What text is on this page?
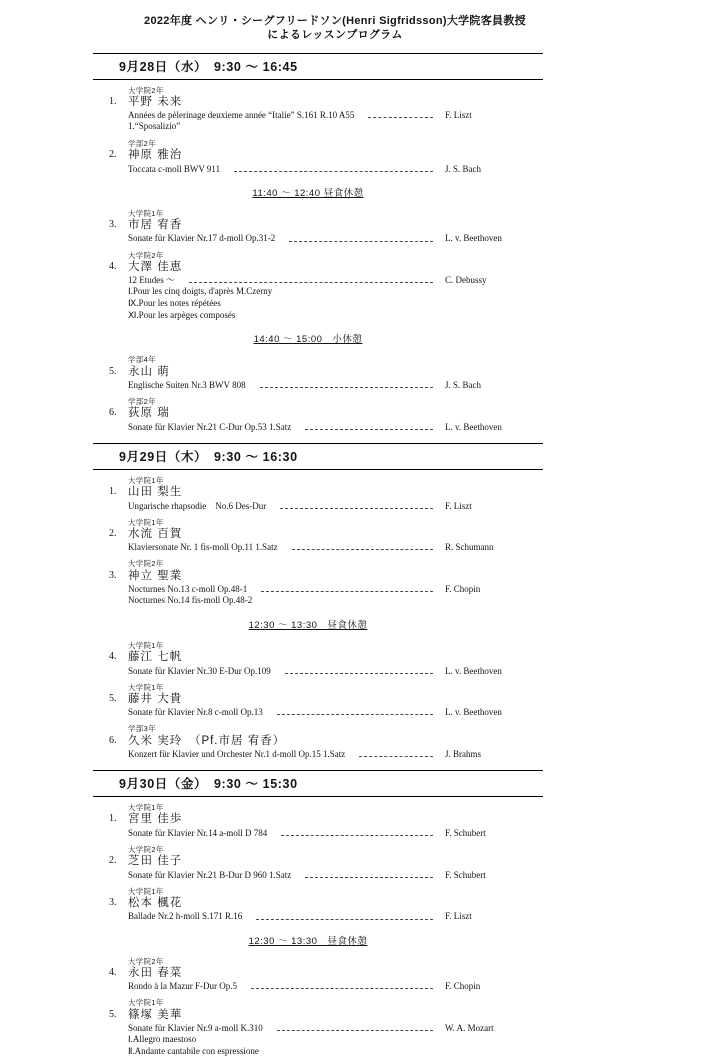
2022年度 ヘンリ・シーグフリードソン(Henri Sigfridsson)大学院客員教授
によるレッスンプログラム
9月28日（水）　9:30 ～ 16:45
大学院2年
1.	平野 未来
Années de pèlerinage deuxieme année “Italie” S.161 R.10 A55	F. Liszt
1.“Sposalizio”
学部2年
2.	神原 雅治
Toccata c-moll BWV 911	J. S. Bach
11:40 ～ 12:40 昼食休憩
大学院1年
3.	市居 宥香
Sonate für Klavier Nr.17 d-moll Op.31-2	L. v. Beethoven
大学院2年
4.	大澤 佳恵
12 Etudes ～	C. Debussy
Ⅰ.Pour les cinq doigts, d'après M.Czerny
Ⅸ.Pour les notes répétées
Ⅺ.Pour les arpèges composés
14:40 ～ 15:00　小休憩
学部4年
5.	永山 萌
Englische Suiten Nr.3 BWV 808	J. S. Bach
学部2年
6.	荻原 瑞
Sonate für Klavier Nr.21 C-Dur Op.53 1.Satz	L. v. Beethoven
9月29日（木）　9:30 ～ 16:30
大学院1年
1.	山田 梨生
Ungarische rhapsodie　No.6 Des-Dur	F. Liszt
大学院1年
2.	水流 百賀
Klaviersonate Nr. 1 fis-moll Op.11 1.Satz	R. Schumann
大学院2年
3.	神立 聖業
Nocturnes No.13 c-moll Op.48-1	F. Chopin
Nocturnes No.14 fis-moll Op.48-2
12:30 ～ 13:30　昼食休憩
大学院1年
4.	藤江 七帆
Sonate für Klavier Nr.30 E-Dur Op.109	L. v. Beethoven
大学院1年
5.	藤井 大貴
Sonate für Klavier Nr.8 c-moll Op.13	L. v. Beethoven
学部3年
6.	久米 実玲　（Pf.市居 宥香）
Konzert für Klavier und Orchester Nr.1 d-moll Op.15 1.Satz	J. Brahms
9月30日（金）　9:30 ～ 15:30
大学院1年
1.	宮里 佳歩
Sonate für Klavier Nr.14 a-moll D 784	F. Schubert
大学院2年
2.	芝田 佳子
Sonate für Klavier Nr.21 B-Dur D 960 1.Satz	F. Schubert
大学院1年
3.	松本 楓花
Ballade Nr.2 h-moll S.171 R.16	F. Liszt
12:30 ～ 13:30　昼食休憩
大学院2年
4.	永田 春菜
Rondo à la Mazur F-Dur Op.5	F. Chopin
大学院1年
5.	篠塚 美華
Sonate für Klavier Nr.9 a-moll K.310	W. A. Mozart
Ⅰ.Allegro maestoso
Ⅱ.Andante cantabile con espressione
